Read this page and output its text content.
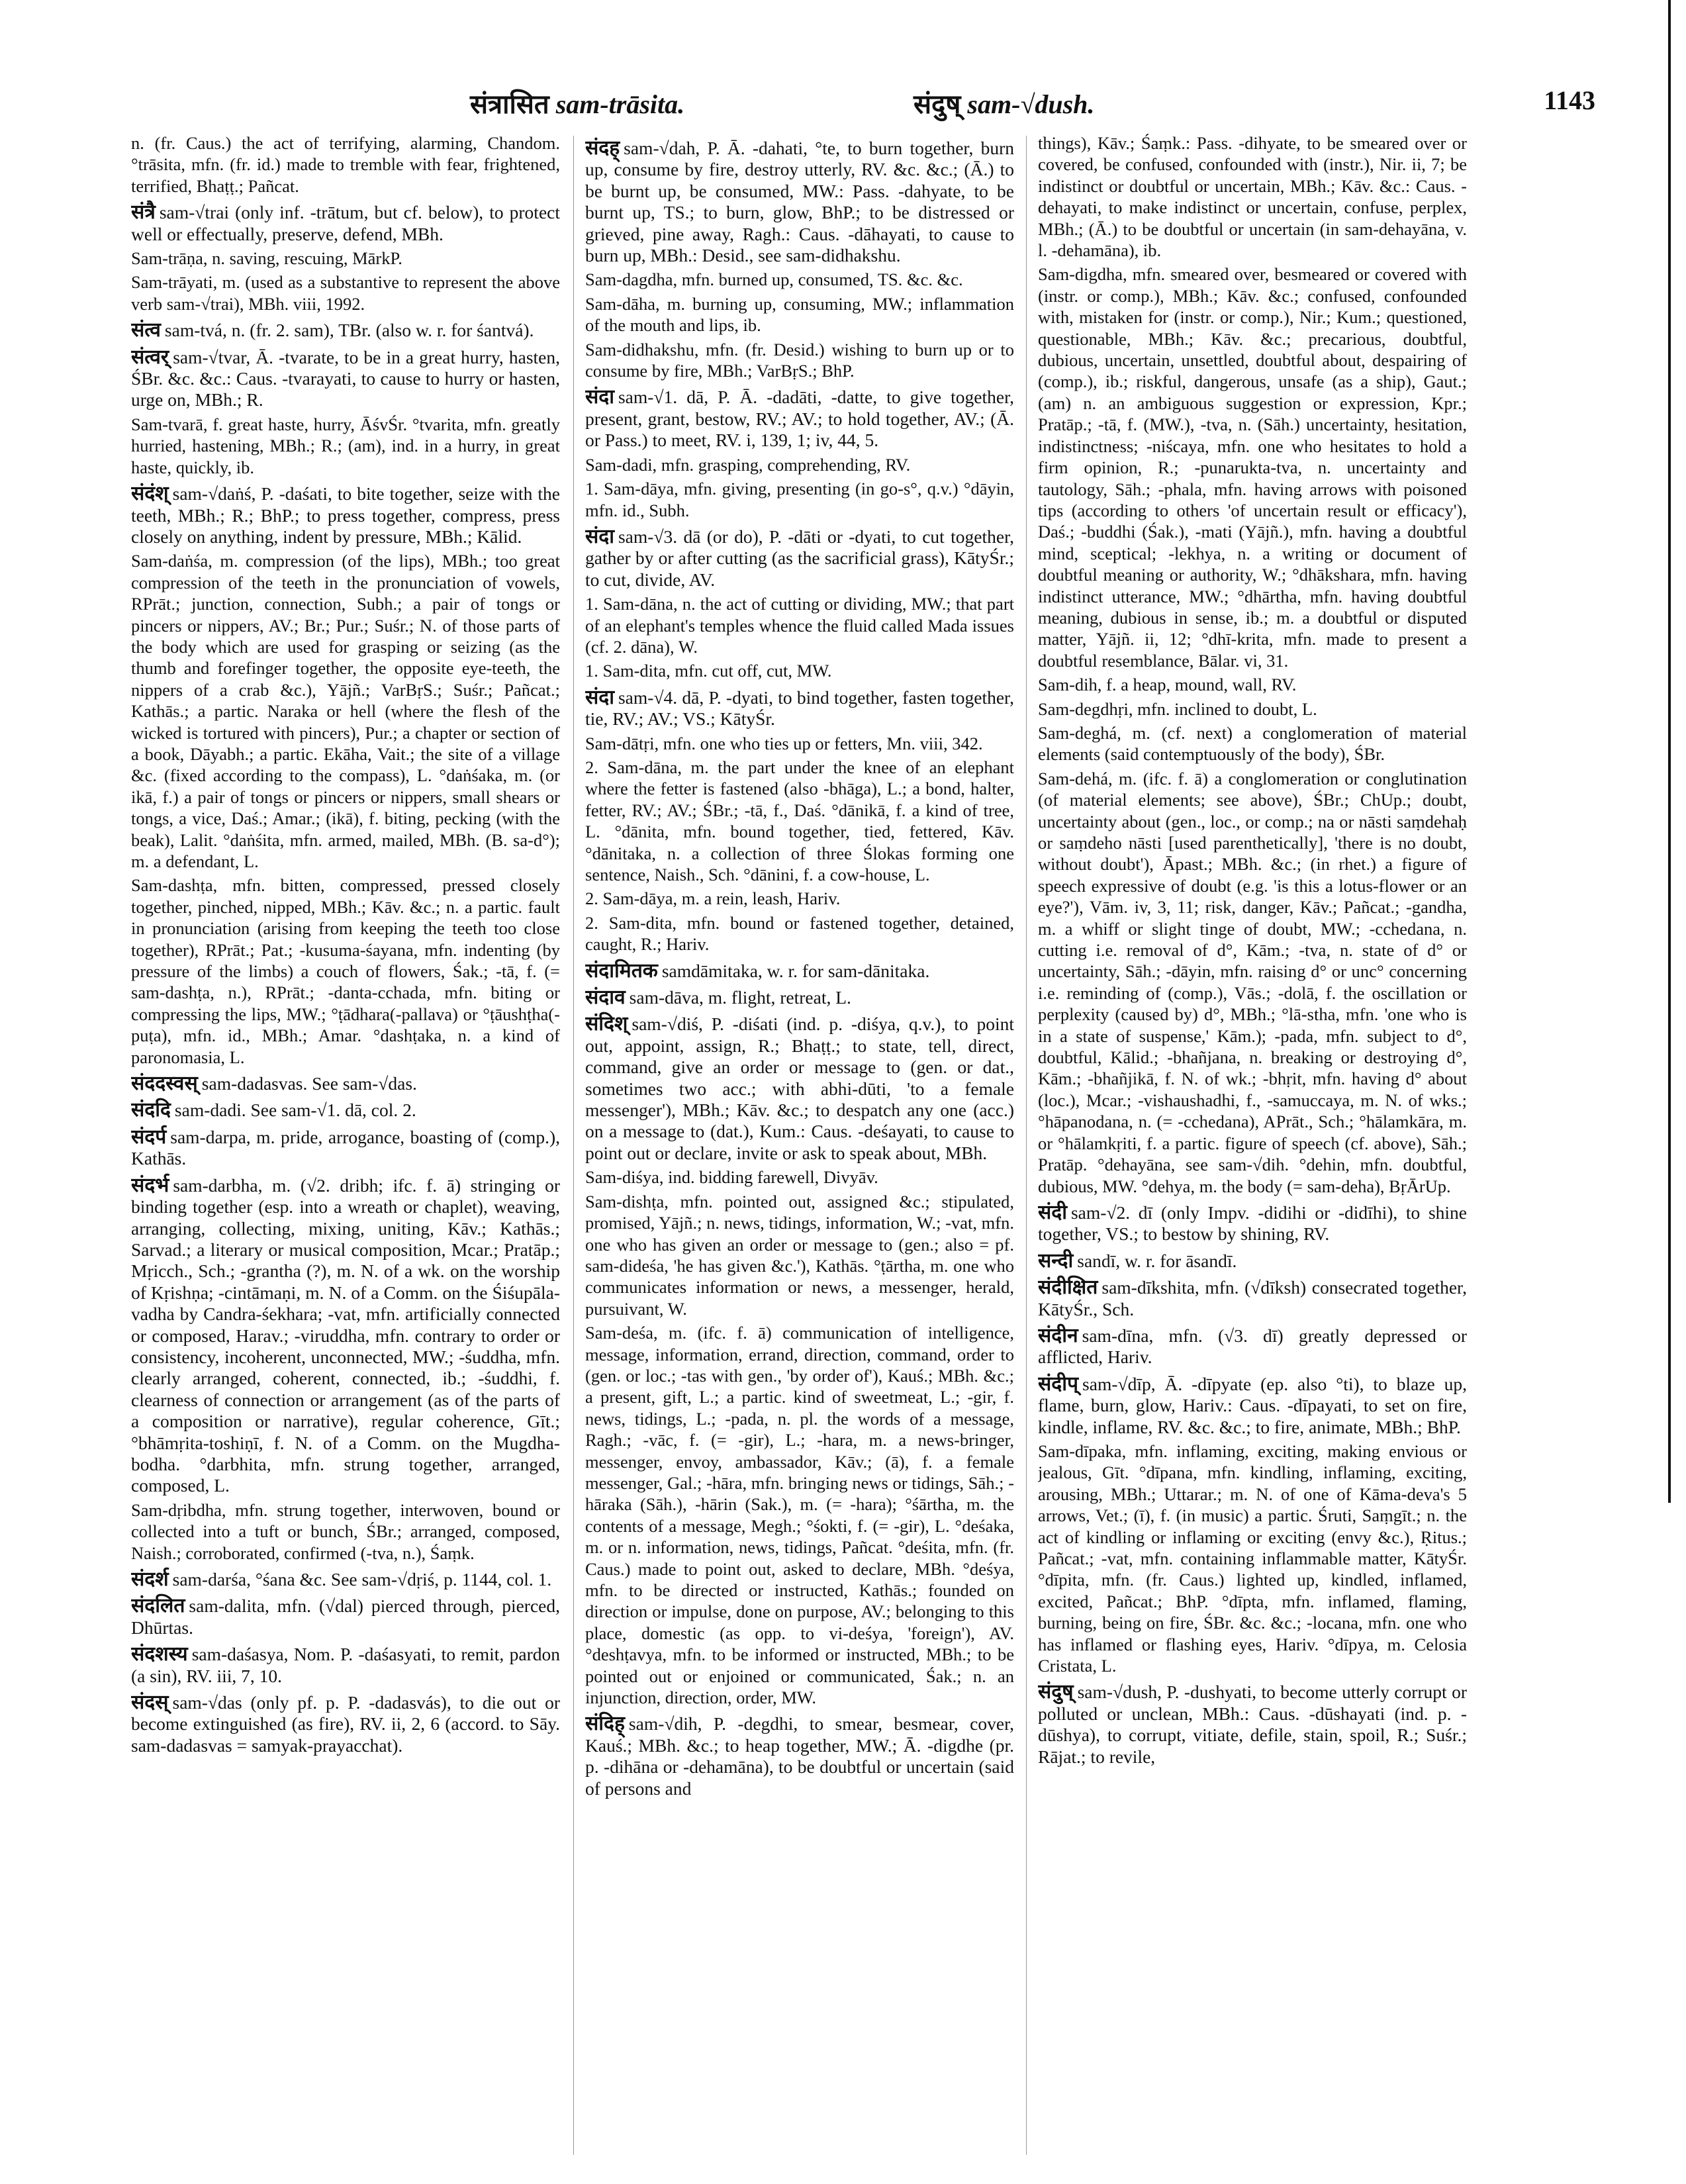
संत्रासित sam-trāsita.	संदुष् sam-√dush.	1143
n. (fr. Caus.) the act of terrifying, alarming, Chandom. °trāsita, mfn. (fr. id.) made to tremble with fear, frightened, terrified, Bhaṭṭ.; Pañcat.
संत्रै sam-√trai (only inf. -trātum, but cf. below), to protect well or effectually, preserve, defend, MBh.
Sam-trāṇa, n. saving, rescuing, MārkP.
Sam-trāyati, m. (used as a substantive to represent the above verb sam-√trai), MBh. viii, 1992.
संत्व sam-tvá, n. (fr. 2. sam), TBr. (also w. r. for śantvá).
संत्वर् sam-√tvar, Ā. -tvarate, to be in a great hurry, hasten, ŚBr. &c. &c.: Caus. -tvarayati, to cause to hurry or hasten, urge on, MBh.; R.
Sam-tvarā, f. great haste, hurry, ĀśvŚr. °tvarita, mfn. greatly hurried, hastening, MBh.; R.; (am), ind. in a hurry, in great haste, quickly, ib.
संदंश् sam-√daṅś, P. -daśati, to bite together, seize with the teeth, MBh.; R.; BhP.; to press together, compress, press closely on anything, indent by pressure, MBh.; Kālid.
Sam-daṅśa, m. compression (of the lips), MBh.; too great compression of the teeth in the pronunciation of vowels, RPrāt.; junction, connection, Subh.; a pair of tongs or pincers or nippers, AV.; Br.; Pur.; Suśr.; N. of those parts of the body which are used for grasping or seizing (as the thumb and forefinger together, the opposite eye-teeth, the nippers of a crab &c.), Yājñ.; VarBṛS.; Suśr.; Pañcat.; Kathās.; a partic. Naraka or hell (where the flesh of the wicked is tortured with pincers), Pur.; a chapter or section of a book, Dāyabh.; a partic. Ekāha, Vait.; the site of a village &c. (fixed according to the compass), L. °daṅśaka, m. (or ikā, f.) a pair of tongs or pincers or nippers, small shears or tongs, a vice, Daś.; Amar.; (ikā), f. biting, pecking (with the beak), Lalit. °daṅśita, mfn. armed, mailed, MBh. (B. sa-d°); m. a defendant, L.
Sam-dashṭa, mfn. bitten, compressed, pressed closely together, pinched, nipped, MBh.; Kāv. &c.; n. a partic. fault in pronunciation (arising from keeping the teeth too close together), RPrāt.; Pat.; -kusuma-śayana, mfn. indenting (by pressure of the limbs) a couch of flowers, Śak.; -tā, f. (= sam-dashṭa, n.), RPrāt.; -danta-cchada, mfn. biting or compressing the lips, MW.; °ṭādhara(-pallava) or °ṭāushṭha(-puṭa), mfn. id., MBh.; Amar. °dashṭaka, n. a kind of paronomasia, L.
संददस्वस् sam-dadasvas. See sam-√das.
संददि sam-dadi. See sam-√1. dā, col. 2.
संदर्प sam-darpa, m. pride, arrogance, boasting of (comp.), Kathās.
संदर्भ sam-darbha, m. (√2. dribh; ifc. f. ā) stringing or binding together (esp. into a wreath or chaplet), weaving, arranging, collecting, mixing, uniting, Kāv.; Kathās.; Sarvad.; a literary or musical composition, Mcar.; Pratāp.; Mṛicch., Sch.; -grantha (?), m. N. of a wk. on the worship of Kṛishṇa; -cintāmaṇi, m. N. of a Comm. on the Śiśupāla-vadha by Candra-śekhara; -vat, mfn. artificially connected or composed, Harav.; -viruddha, mfn. contrary to order or consistency, incoherent, unconnected, MW.; -śuddha, mfn. clearly arranged, coherent, connected, ib.; -śuddhi, f. clearness of connection or arrangement (as of the parts of a composition or narrative), regular coherence, Gīt.; °bhāmṛita-toshiṇī, f. N. of a Comm. on the Mugdha-bodha. °darbhita, mfn. strung together, arranged, composed, L.
Sam-dṛibdha, mfn. strung together, interwoven, bound or collected into a tuft or bunch, ŚBr.; arranged, composed, Naish.; corroborated, confirmed (-tva, n.), Śaṃk.
संदर्श sam-darśa, °śana &c. See sam-√dṛiś, p. 1144, col. 1.
संदलित sam-dalita, mfn. (√dal) pierced through, pierced, Dhūrtas.
संदशस्य sam-daśasya, Nom. P. -daśasyati, to remit, pardon (a sin), RV. iii, 7, 10.
संदस् sam-√das (only pf. p. P. -dadasvás), to die out or become extinguished (as fire), RV. ii, 2, 6 (accord. to Sāy. sam-dadasvas = samyak-prayacchat).
संदह् sam-√dah, P. Ā. -dahati, °te, to burn together, burn up, consume by fire, destroy utterly, RV. &c. &c.; (Ā.) to be burnt up, be consumed, MW.: Pass. -dahyate, to be burnt up, TS.; to burn, glow, BhP.; to be distressed or grieved, pine away, Ragh.: Caus. -dāhayati, to cause to burn up, MBh.: Desid., see sam-didhakshu.
Sam-dagdha, mfn. burned up, consumed, TS. &c. &c.
Sam-dāha, m. burning up, consuming, MW.; inflammation of the mouth and lips, ib.
Sam-didhakshu, mfn. (fr. Desid.) wishing to burn up or to consume by fire, MBh.; VarBṛS.; BhP.
संदा sam-√1. dā, P. Ā. -dadāti, -datte, to give together, present, grant, bestow, RV.; AV.; to hold together, AV.; (Ā. or Pass.) to meet, RV. i, 139, 1; iv, 44, 5.
Sam-dadi, mfn. grasping, comprehending, RV.
1. Sam-dāya, mfn. giving, presenting (in go-s°, q.v.) °dāyin, mfn. id., Subh.
संदा sam-√3. dā (or do), P. -dāti or -dyati, to cut together, gather by or after cutting (as the sacrificial grass), KātyŚr.; to cut, divide, AV.
1. Sam-dāna, n. the act of cutting or dividing, MW.; that part of an elephant's temples whence the fluid called Mada issues (cf. 2. dāna), W.
1. Sam-dita, mfn. cut off, cut, MW.
संदा sam-√4. dā, P. -dyati, to bind together, fasten together, tie, RV.; AV.; VS.; KātyŚr.
Sam-dātṛi, mfn. one who ties up or fetters, Mn. viii, 342.
2. Sam-dāna, m. the part under the knee of an elephant where the fetter is fastened (also -bhāga), L.; a bond, halter, fetter, RV.; AV.; ŚBr.; -tā, f., Daś. °dānikā, f. a kind of tree, L. °dānita, mfn. bound together, tied, fettered, Kāv. °dānitaka, n. a collection of three Ślokas forming one sentence, Naish., Sch. °dānini, f. a cow-house, L.
2. Sam-dāya, m. a rein, leash, Hariv.
2. Sam-dita, mfn. bound or fastened together, detained, caught, R.; Hariv.
संदामितक samdāmitaka, w. r. for sam-dānitaka.
संदाव sam-dāva, m. flight, retreat, L.
संदिश् sam-√diś, P. -diśati (ind. p. -diśya, q.v.), to point out, appoint, assign, R.; Bhaṭṭ.; to state, tell, direct, command, give an order or message to (gen. or dat., sometimes two acc.; with abhi-dūti, 'to a female messenger'), MBh.; Kāv. &c.; to despatch any one (acc.) on a message to (dat.), Kum.: Caus. -deśayati, to cause to point out or declare, invite or ask to speak about, MBh.
Sam-diśya, ind. bidding farewell, Divyāv.
Sam-dishṭa, mfn. pointed out, assigned &c.; stipulated, promised, Yājñ.; n. news, tidings, information, W.; -vat, mfn. one who has given an order or message to (gen.; also = pf. sam-dideśa, 'he has given &c.'), Kathās. °ṭārtha, m. one who communicates information or news, a messenger, herald, pursuivant, W.
Sam-deśa, m. (ifc. f. ā) communication of intelligence, message, information, errand, direction, command, order to (gen. or loc.; -tas with gen., 'by order of'), Kauś.; MBh. &c.; a present, gift, L.; a partic. kind of sweetmeat, L.; -gir, f. news, tidings, L.; -pada, n. pl. the words of a message, Ragh.; -vāc, f. (= -gir), L.; -hara, m. a news-bringer, messenger, envoy, ambassador, Kāv.; (ā), f. a female messenger, Gal.; -hāra, mfn. bringing news or tidings, Sāh.; -hāraka (Sāh.), -hārin (Sak.), m. (= -hara); °śārtha, m. the contents of a message, Megh.; °śokti, f. (= -gir), L. °deśaka, m. or n. information, news, tidings, Pañcat. °deśita, mfn. (fr. Caus.) made to point out, asked to declare, MBh. °deśya, mfn. to be directed or instructed, Kathās.; founded on direction or impulse, done on purpose, AV.; belonging to this place, domestic (as opp. to vi-deśya, 'foreign'), AV. °deshṭavya, mfn. to be informed or instructed, MBh.; to be pointed out or enjoined or communicated, Śak.; n. an injunction, direction, order, MW.
संदिह् sam-√dih, P. -degdhi, to smear, besmear, cover, Kauś.; MBh. &c.; to heap together, MW.; Ā. -digdhe (pr. p. -dihāna or -dehamāna), to be doubtful or uncertain (said of persons and
things), Kāv.; Śaṃk.: Pass. -dihyate, to be smeared over or covered, be confused, confounded with (instr.), Nir. ii, 7; be indistinct or doubtful or uncertain, MBh.; Kāv. &c.: Caus. -dehayati, to make indistinct or uncertain, confuse, perplex, MBh.; (Ā.) to be doubtful or uncertain (in sam-dehayāna, v. l. -dehamāna), ib.
Sam-digdha, mfn. smeared over, besmeared or covered with (instr. or comp.), MBh.; Kāv. &c.; confused, confounded with, mistaken for (instr. or comp.), Nir.; Kum.; questioned, questionable, MBh.; Kāv. &c.; precarious, doubtful, dubious, uncertain, unsettled, doubtful about, despairing of (comp.), ib.; riskful, dangerous, unsafe (as a ship), Gaut.; (am) n. an ambiguous suggestion or expression, Kpr.; Pratāp.; -tā, f. (MW.), -tva, n. (Sāh.) uncertainty, hesitation, indistinctness; -niścaya, mfn. one who hesitates to hold a firm opinion, R.; -punarukta-tva, n. uncertainty and tautology, Sāh.; -phala, mfn. having arrows with poisoned tips (according to others 'of uncertain result or efficacy'), Daś.; -buddhi (Śak.), -mati (Yājñ.), mfn. having a doubtful mind, sceptical; -lekhya, n. a writing or document of doubtful meaning or authority, W.; °dhākshara, mfn. having indistinct utterance, MW.; °dhārtha, mfn. having doubtful meaning, dubious in sense, ib.; m. a doubtful or disputed matter, Yājñ. ii, 12; °dhī-krita, mfn. made to present a doubtful resemblance, Bālar. vi, 31.
Sam-dih, f. a heap, mound, wall, RV.
Sam-degdhṛi, mfn. inclined to doubt, L.
Sam-deghá, m. (cf. next) a conglomeration of material elements (said contemptuously of the body), ŚBr.
Sam-dehá, m. (ifc. f. ā) a conglomeration or conglutination (of material elements; see above), ŚBr.; ChUp.; doubt, uncertainty about (gen., loc., or comp.; na or nāsti saṃdehaḥ or saṃdeho nāsti [used parenthetically], 'there is no doubt, without doubt'), Āpast.; MBh. &c.; (in rhet.) a figure of speech expressive of doubt (e.g. 'is this a lotus-flower or an eye?'), Vām. iv, 3, 11; risk, danger, Kāv.; Pañcat.; -gandha, m. a whiff or slight tinge of doubt, MW.; -cchedana, n. cutting i.e. removal of d°, Kām.; -tva, n. state of d° or uncertainty, Sāh.; -dāyin, mfn. raising d° or unc° concerning i.e. reminding of (comp.), Vās.; -dolā, f. the oscillation or perplexity (caused by) d°, MBh.; °lā-stha, mfn. 'one who is in a state of suspense,' Kām.); -pada, mfn. subject to d°, doubtful, Kālid.; -bhañjana, n. breaking or destroying d°, Kām.; -bhañjikā, f. N. of wk.; -bhṛit, mfn. having d° about (loc.), Mcar.; -vishaushadhi, f., -samuccaya, m. N. of wks.; °hāpanodana, n. (= -cchedana), APrāt., Sch.; °hālamkāra, m. or °hālamkṛiti, f. a partic. figure of speech (cf. above), Sāh.; Pratāp. °dehayāna, see sam-√dih. °dehin, mfn. doubtful, dubious, MW. °dehya, m. the body (= sam-deha), BṛĀrUp.
संदी sam-√2. dī (only Impv. -didihi or -didīhi), to shine together, VS.; to bestow by shining, RV.
सन्दी sandī, w. r. for āsandī.
संदीक्षित sam-dīkshita, mfn. (√dīksh) consecrated together, KātyŚr., Sch.
संदीन sam-dīna, mfn. (√3. dī) greatly depressed or afflicted, Hariv.
संदीप् sam-√dīp, Ā. -dīpyate (ep. also °ti), to blaze up, flame, burn, glow, Hariv.: Caus. -dīpayati, to set on fire, kindle, inflame, RV. &c. &c.; to fire, animate, MBh.; BhP.
Sam-dīpaka, mfn. inflaming, exciting, making envious or jealous, Gīt. °dīpana, mfn. kindling, inflaming, exciting, arousing, MBh.; Uttarar.; m. N. of one of Kāma-deva's 5 arrows, Vet.; (ī), f. (in music) a partic. Śruti, Saṃgīt.; n. the act of kindling or inflaming or exciting (envy &c.), Ṛitus.; Pañcat.; -vat, mfn. containing inflammable matter, KātyŚr. °dīpita, mfn. (fr. Caus.) lighted up, kindled, inflamed, excited, Pañcat.; BhP. °dīpta, mfn. inflamed, flaming, burning, being on fire, ŚBr. &c. &c.; -locana, mfn. one who has inflamed or flashing eyes, Hariv. °dīpya, m. Celosia Cristata, L.
संदुष् sam-√dush, P. -dushyati, to become utterly corrupt or polluted or unclean, MBh.: Caus. -dūshayati (ind. p. -dūshya), to corrupt, vitiate, defile, stain, spoil, R.; Suśr.; Rājat.; to revile,
